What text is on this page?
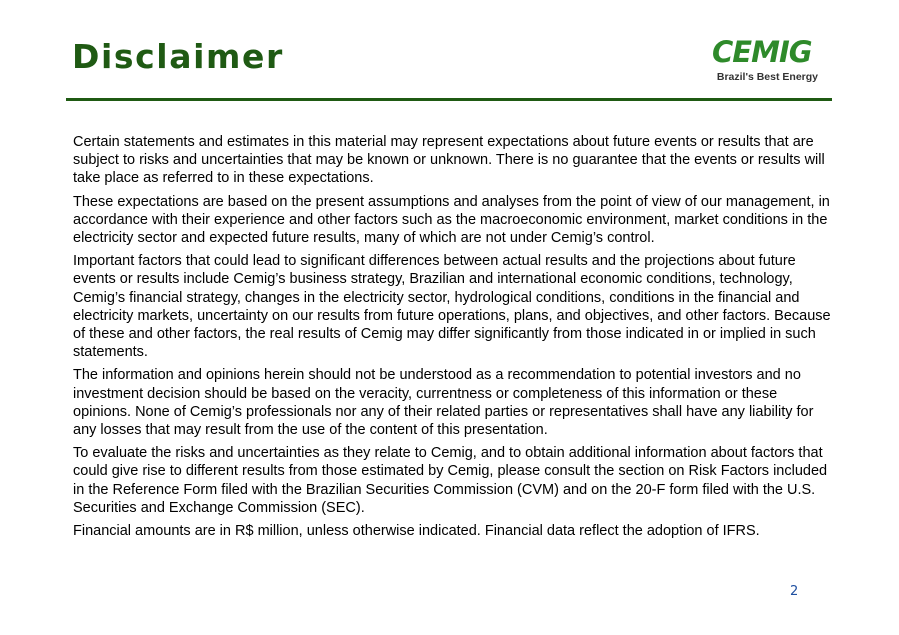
Disclaimer	CEMIG
Brazil's Best Energy

Certain statements and estimates in this material may represent expectations about future events or results that are subject to risks and uncertainties that may be known or unknown. There is no guarantee that the events or results will take place as referred to in these expectations.

These expectations are based on the present assumptions and analyses from the point of view of our management, in accordance with their experience and other factors such as the macroeconomic environment, market conditions in the electricity sector and expected future results, many of which are not under Cemig’s control.

Important factors that could lead to significant differences between actual results and the projections about future events or results include Cemig’s business strategy, Brazilian and international economic conditions, technology, Cemig’s financial strategy, changes in the electricity sector, hydrological conditions, conditions in the financial and electricity markets, uncertainty on our results from future operations, plans, and objectives, and other factors. Because of these and other factors, the real results of Cemig may differ significantly from those indicated in or implied in such statements.

The information and opinions herein should not be understood as a recommendation to potential investors and no investment decision should be based on the veracity, currentness or completeness of this information or these opinions. None of Cemig’s professionals nor any of their related parties or representatives shall have any liability for any losses that may result from the use of the content of this presentation.

To evaluate the risks and uncertainties as they relate to Cemig, and to obtain additional information about factors that could give rise to different results from those estimated by Cemig, please consult the section on Risk Factors included in the Reference Form filed with the Brazilian Securities Commission (CVM) and on the 20-F form filed with the U.S. Securities and Exchange Commission (SEC).

Financial amounts are in R$ million, unless otherwise indicated. Financial data reflect the adoption of IFRS.

2
